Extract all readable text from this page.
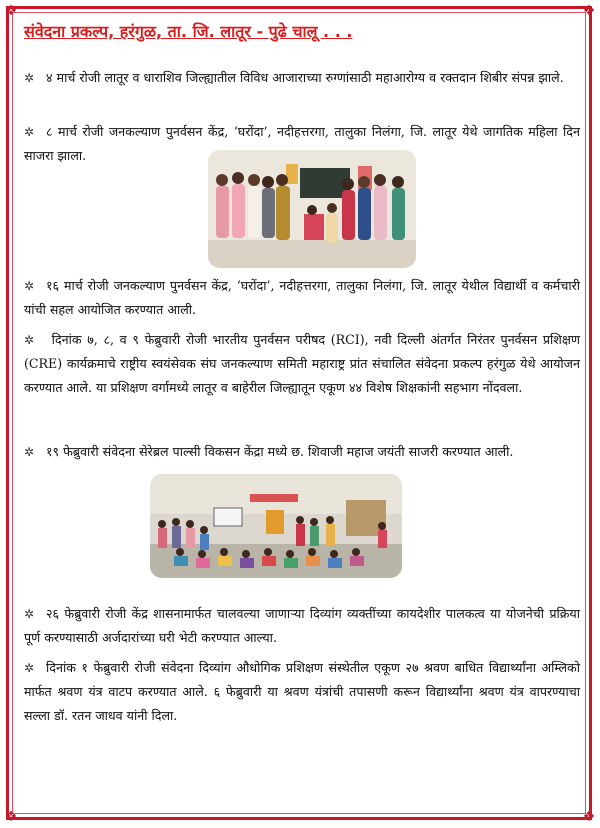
❖	❖
❖	❖
संवेदना प्रकल्प, हरंगुळ, ता. जि. लातूर - पुढे चालू . . .
✲ ४ मार्च रोजी लातूर व धाराशिव जिल्ह्यातील विविध आजाराच्या रुग्णांसाठी महाआरोग्य व रक्तदान शिबीर संपन्न झाले.
✲ ८ मार्च रोजी जनकल्याण पुनर्वसन केंद्र, ‘घरोंदा’, नदीहत्तरगा, तालुका निलंगा, जि. लातूर येथे जागतिक महिला दिन साजरा झाला.
✲ १६ मार्च रोजी जनकल्याण पुनर्वसन केंद्र, ‘घरोंदा’, नदीहत्तरगा, तालुका निलंगा, जि. लातूर येथील विद्यार्थी व कर्मचारी यांची सहल आयोजित करण्यात आली.
✲ दिनांक ७, ८, व ९ फेब्रुवारी रोजी भारतीय पुनर्वसन परीषद (RCI), नवी दिल्ली अंतर्गत निरंतर पुनर्वसन प्रशिक्षण (CRE) कार्यक्रमाचे राष्ट्रीय स्वयंसेवक संघ जनकल्याण समिती महाराष्ट्र प्रांत संचालित संवेदना प्रकल्प हरंगुळ येथे आयोजन करण्यात आले. या प्रशिक्षण वर्गामध्ये लातूर व बाहेरील जिल्ह्यातून एकूण ४४ विशेष शिक्षकांनी सहभाग नोंदवला.
✲ १९ फेब्रुवारी संवेदना सेरेब्रल पाल्सी विकसन केंद्रा मध्ये छ. शिवाजी महाज जयंती साजरी करण्यात आली.
✲ २६ फेब्रुवारी रोजी केंद्र शासनामार्फत चालवल्या जाणाऱ्या दिव्यांग व्यक्तींच्या कायदेशीर पालकत्व या योजनेची प्रक्रिया पूर्ण करण्यासाठी अर्जदारांच्या घरी भेटी करण्यात आल्या.
✲ दिनांक १ फेब्रुवारी रोजी संवेदना दिव्यांग औधोगिक प्रशिक्षण संस्थेतील एकूण २७ श्रवण बाधित विद्यार्थ्यांना अम्लिको मार्फत श्रवण यंत्र वाटप करण्यात आले. ६ फेब्रुवारी या श्रवण यंत्रांची तपासणी करून विद्यार्थ्यांना श्रवण यंत्र वापरण्याचा सल्ला डॉ. रतन जाधव यांनी दिला.
